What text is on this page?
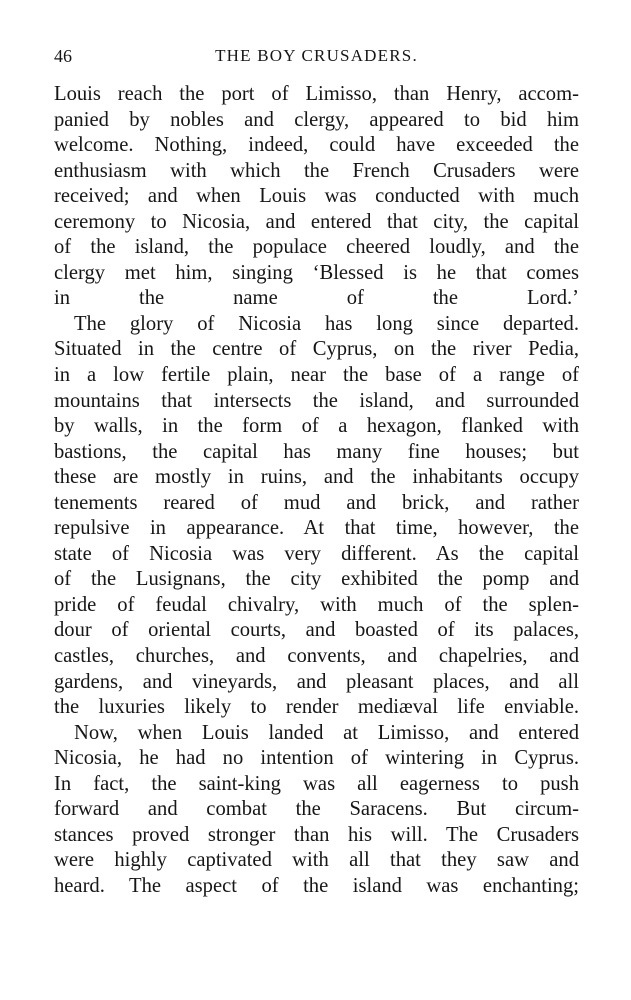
46	THE BOY CRUSADERS.

Louis reach the port of Limisso, than Henry, accom-
panied by nobles and clergy, appeared to bid him
welcome. Nothing, indeed, could have exceeded the
enthusiasm with which the French Crusaders were
received; and when Louis was conducted with much
ceremony to Nicosia, and entered that city, the capital
of the island, the populace cheered loudly, and the
clergy met him, singing ‘Blessed is he that comes
in the name of the Lord.’

The glory of Nicosia has long since departed.
Situated in the centre of Cyprus, on the river Pedia,
in a low fertile plain, near the base of a range of
mountains that intersects the island, and surrounded
by walls, in the form of a hexagon, flanked with
bastions, the capital has many fine houses; but
these are mostly in ruins, and the inhabitants occupy
tenements reared of mud and brick, and rather
repulsive in appearance. At that time, however, the
state of Nicosia was very different. As the capital
of the Lusignans, the city exhibited the pomp and
pride of feudal chivalry, with much of the splen-
dour of oriental courts, and boasted of its palaces,
castles, churches, and convents, and chapelries, and
gardens, and vineyards, and pleasant places, and all
the luxuries likely to render mediæval life enviable.

Now, when Louis landed at Limisso, and entered
Nicosia, he had no intention of wintering in Cyprus.
In fact, the saint-king was all eagerness to push
forward and combat the Saracens. But circum-
stances proved stronger than his will. The Crusaders
were highly captivated with all that they saw and
heard. The aspect of the island was enchanting;
